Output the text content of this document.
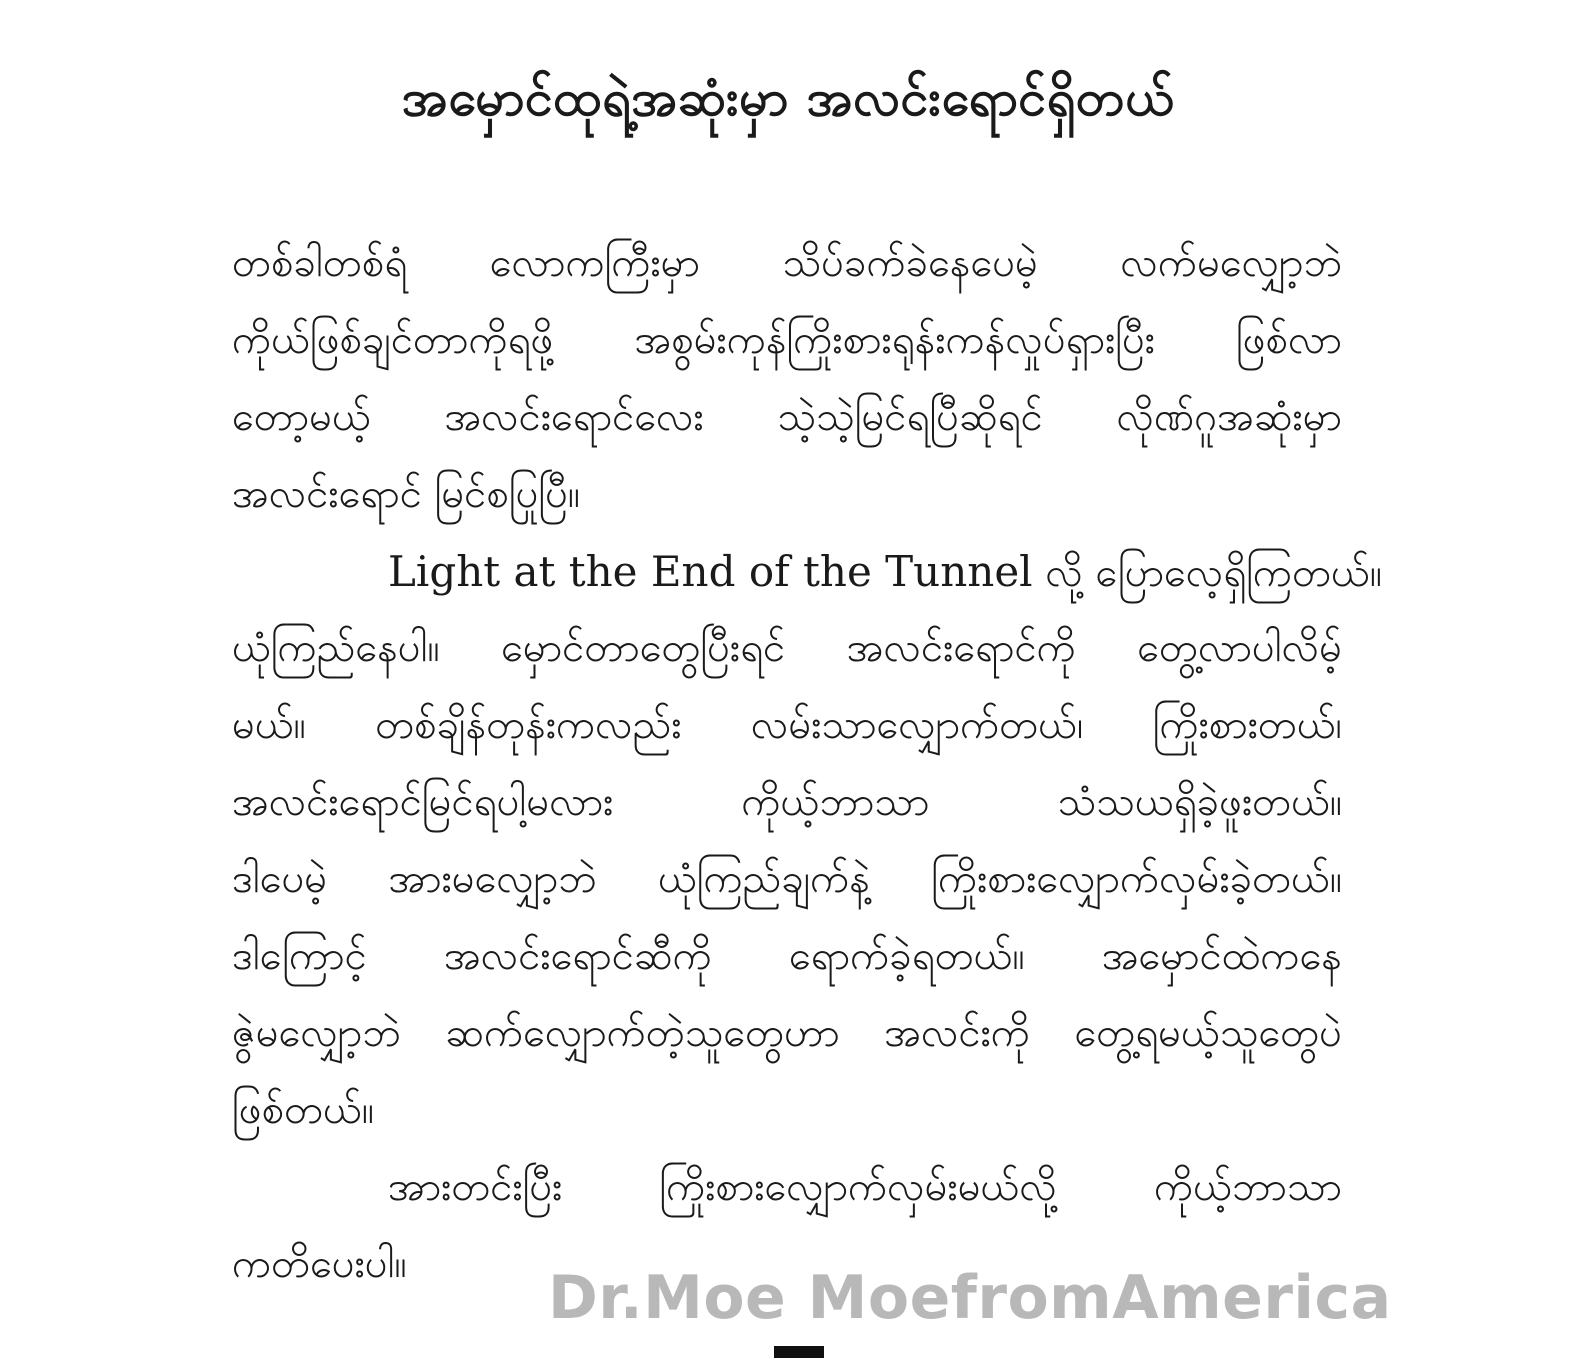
အမှောင်ထုရဲ့အဆုံးမှာ အလင်းရောင်ရှိတယ်
တစ်ခါတစ်ရံ လောကကြီးမှာ သိပ်ခက်ခဲနေပေမဲ့ လက်မလျှော့ဘဲ
ကိုယ်ဖြစ်ချင်တာကိုရဖို့ အစွမ်းကုန်ကြိုးစားရုန်းကန်လှုပ်ရှားပြီး ဖြစ်လာ
တော့မယ့် အလင်းရောင်လေး သဲ့သဲ့မြင်ရပြီဆိုရင် လိုဏ်ဂူအဆုံးမှာ
အလင်းရောင် မြင်စပြုပြီ။
Light at the End of the Tunnel လို့ ပြောလေ့ရှိကြတယ်။
ယုံကြည်နေပါ။ မှောင်တာတွေပြီးရင် အလင်းရောင်ကို တွေ့လာပါလိမ့်
မယ်။ တစ်ချိန်တုန်းကလည်း လမ်းသာလျှောက်တယ်၊ ကြိုးစားတယ်၊
အလင်းရောင်မြင်ရပါ့မလား ကိုယ့်ဘာသာ သံသယရှိခဲ့ဖူးတယ်။
ဒါပေမဲ့ အားမလျှော့ဘဲ ယုံကြည်ချက်နဲ့ ကြိုးစားလျှောက်လှမ်းခဲ့တယ်။
ဒါကြောင့် အလင်းရောင်ဆီကို ရောက်ခဲ့ရတယ်။ အမှောင်ထဲကနေ
ဇွဲမလျှော့ဘဲ ဆက်လျှောက်တဲ့သူတွေဟာ အလင်းကို တွေ့ရမယ့်သူတွေပဲ
ဖြစ်တယ်။
အားတင်းပြီး ကြိုးစားလျှောက်လှမ်းမယ်လို့ ကိုယ့်ဘာသာ
ကတိပေးပါ။	Dr.Moe MoefromAmerica
